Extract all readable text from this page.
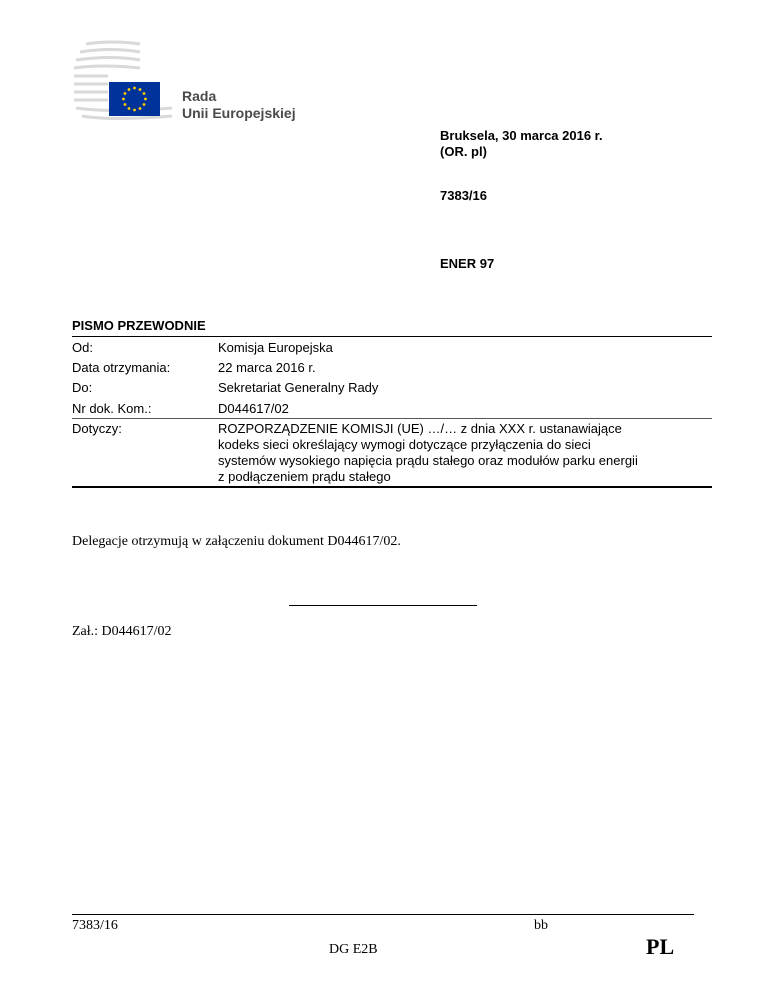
Rada
Unii Europejskiej
Bruksela, 30 marca 2016 r.
(OR. pl)
7383/16
ENER 97
PISMO PRZEWODNIE
Od:	Komisja Europejska
Data otrzymania:	22 marca 2016 r.
Do:	Sekretariat Generalny Rady
Nr dok. Kom.:	D044617/02
Dotyczy:	ROZPORZĄDZENIE KOMISJI (UE) …/… z dnia XXX r. ustanawiające
kodeks sieci określający wymogi dotyczące przyłączenia do sieci
systemów wysokiego napięcia prądu stałego oraz modułów parku energii
z podłączeniem prądu stałego
Delegacje otrzymują w załączeniu dokument D044617/02.
Zał.: D044617/02
7383/16	bb
DG E2B	PL
